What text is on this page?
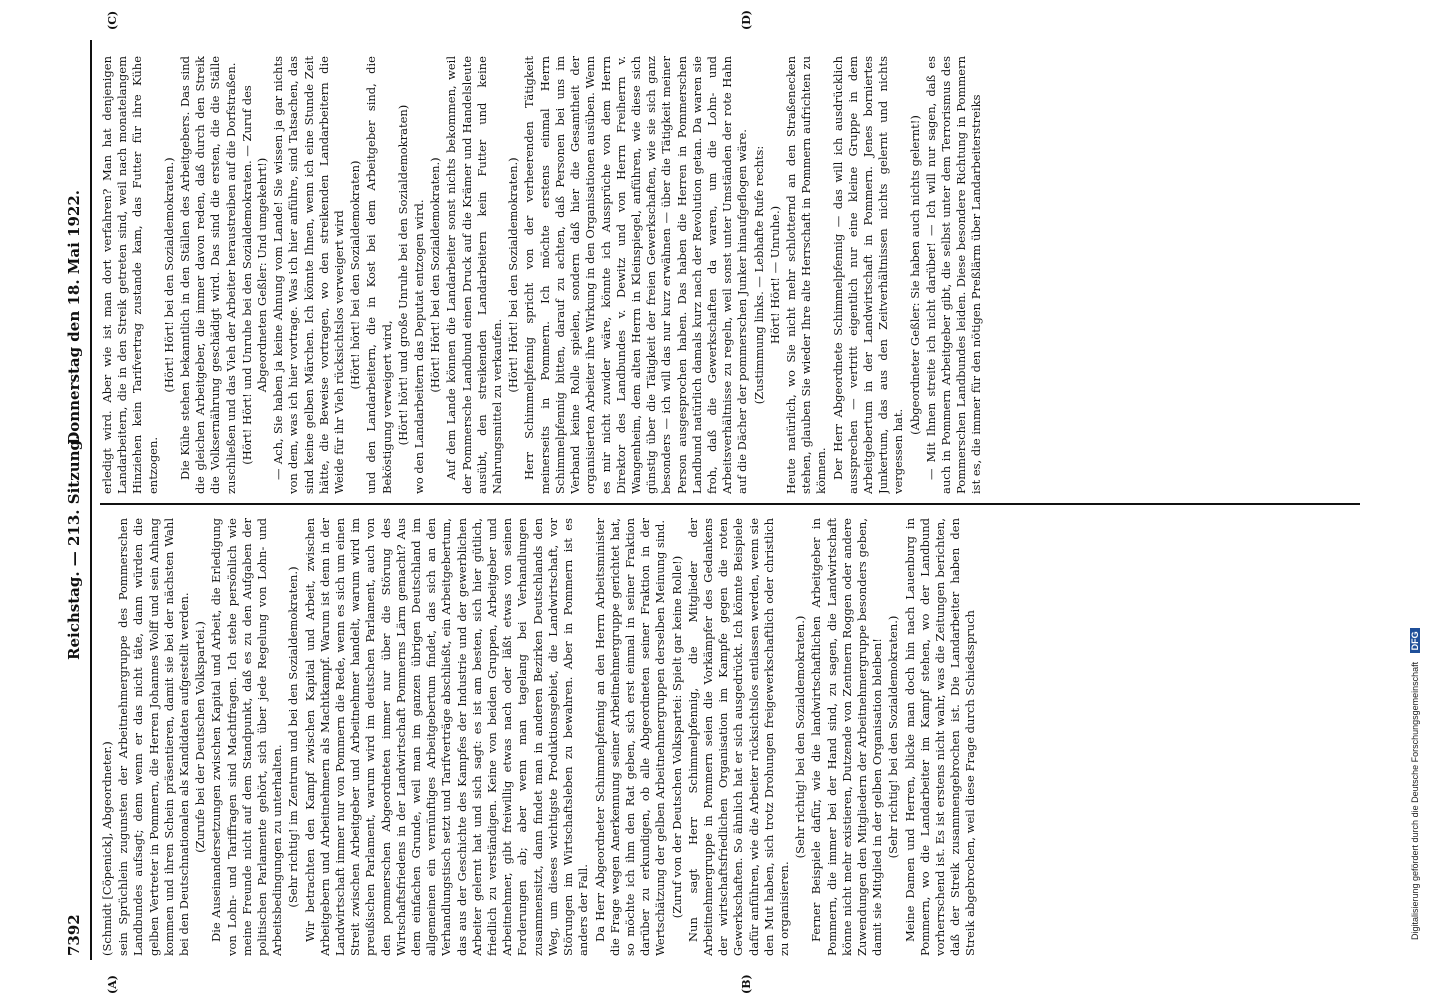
7392
Reichstag. — 213. Sitzung.
Donnerstag den 18. Mai 1922.
(A)	(B)
(C)	(D)

(Schmidt [Cöpenick], Abgeordneter.) sein Sprüchlein zugunsten der Arbeitnehmergruppe des Pommerschen Landbundes aufsagt; denn wenn er das nicht täte, dann würden die gelben Vertreter in Pommern, die Herren Johannes Wolff und sein Anhang kommen und ihren Schein präsentieren, damit sie bei der nächsten Wahl bei den Deutschnationalen als Kandidaten aufgestellt werden. (Zurufe bei der Deutschen Volkspartei.) Die Auseinandersetzungen zwischen Kapital und Arbeit, die Erledigung von Lohn- und Tariffragen sind Machtfragen. Ich stehe persönlich wie meine Freunde nicht auf dem Standpunkt, daß es zu den Aufgaben der politischen Parlamente gehört, sich über jede Regelung von Lohn- und Arbeitsbedingungen zu unterhalten. (Sehr richtig! im Zentrum und bei den Sozialdemokraten.) Wir betrachten den Kampf zwischen Kapital und Arbeit, zwischen Arbeitgebern und Arbeitnehmern als Machtkampf. Warum ist denn in der Landwirtschaft immer nur von Pommern die Rede, wenn es sich um einen Streit zwischen Arbeitgeber und Arbeitnehmer handelt, warum wird im preußischen Parlament, warum wird im deutschen Parlament, auch von den pommerschen Abgeordneten immer nur über die Störung des Wirtschaftsfriedens in der Landwirtschaft Pommerns Lärm gemacht? Aus dem einfachen Grunde, weil man im ganzen übrigen Deutschland im allgemeinen ein vernünftiges Arbeitgebertum findet, das sich an den Verhandlungstisch setzt und Tarifverträge abschließt, ein Arbeitgebertum, das aus der Geschichte des Kampfes der Industrie und der gewerblichen Arbeiter gelernt hat und sich sagt: es ist am besten, sich hier gütlich, friedlich zu verständigen. Keine von beiden Gruppen, Arbeitgeber und Arbeitnehmer, gibt freiwillig etwas nach oder läßt etwas von seinen Forderungen ab; aber wenn man tagelang bei Verhandlungen zusammensitzt, dann findet man in anderen Bezirken Deutschlands den Weg, um dieses wichtigste Produktionsgebiet, die Landwirtschaft, vor Störungen im Wirtschaftsleben zu bewahren. Aber in Pommern ist es anders der Fall. Da Herr Abgeordneter Schimmelpfennig an den Herrn Arbeitsminister die Frage wegen Anerkennung seiner Arbeitnehmergruppe gerichtet hat, so möchte ich ihm den Rat geben, sich erst einmal in seiner Fraktion darüber zu erkundigen, ob alle Abgeordneten seiner Fraktion in der Wertschätzung der gelben Arbeitnehmergruppen derselben Meinung sind. (Zuruf von der Deutschen Volkspartei: Spielt gar keine Rolle!) Nun sagt Herr Schimmelpfennig, die Mitglieder der Arbeitnehmergruppe in Pommern seien die Vorkämpfer des Gedankens der wirtschaftsfriedlichen Organisation im Kampfe gegen die roten Gewerkschaften. So ähnlich hat er sich ausgedrückt. Ich könnte Beispiele dafür anführen, wie die Arbeiter rücksichtslos entlassen werden, wenn sie den Mut haben, sich trotz Drohungen freigewerkschaftlich oder christlich zu organisieren.

(Sehr richtig! bei den Sozialdemokraten.) Ferner Beispiele dafür, wie die landwirtschaftlichen Arbeitgeber in Pommern, die immer bei der Hand sind, zu sagen, die Landwirtschaft könne nicht mehr existieren, Dutzende von Zentnern Roggen oder andere Zuwendungen den Mitgliedern der Arbeitnehmergruppe besonders geben, damit sie Mitglied in der gelben Organisation bleiben! (Sehr richtig! bei den Sozialdemokraten.) Meine Damen und Herren, blicke man doch hin nach Lauenburg in Pommern, wo die Landarbeiter im Kampf stehen, wo der Landbund vorherrschend ist. Es ist erstens nicht wahr, was die Zeitungen berichten, daß der Streik zusammengebrochen ist. Die Landarbeiter haben den Streik abgebrochen, weil diese Frage durch Schiedsspruch

erledigt wird. Aber wie ist man dort verfahren? Man hat denjenigen Landarbeitern, die in den Streik getreten sind, weil nach monatelangem Hinziehen kein Tarifvertrag zustande kam, das Futter für ihre Kühe entzogen.

(Hört! Hört! bei den Sozialdemokraten.) Die Kühe stehen bekanntlich in den Ställen des Arbeitgebers. Das sind die gleichen Arbeitgeber, die immer davon reden, daß durch den Streik die Volksernährung geschädigt wird. Das sind die ersten, die die Ställe zuschließen und das Vieh der Arbeiter heraustreiben auf die Dorfstraßen. (Hört! Hört! und Unruhe bei den Sozialdemokraten. — Zuruf des Abgeordneten Geßler: Und umgekehrt!) — Ach, Sie haben ja keine Ahnung vom Lande! Sie wissen ja gar nichts von dem, was ich hier vortrage. Was ich hier anführe, sind Tatsachen, das sind keine gelben Märchen. Ich könnte Ihnen, wenn ich eine Stunde Zeit hätte, die Beweise vortragen, wo den streikenden Landarbeitern die Weide für ihr Vieh rücksichtslos verweigert wird (Hört! hört! bei den Sozialdemokraten) und den Landarbeitern, die in Kost bei dem Arbeitgeber sind, die Beköstigung verweigert wird, (Hört! hört! und große Unruhe bei den Sozialdemokraten) wo den Landarbeitern das Deputat entzogen wird. (Hört! Hört! bei den Sozialdemokraten.) Auf dem Lande können die Landarbeiter sonst nichts bekommen, weil der Pommersche Landbund einen Druck auf die Krämer und Handelsleute ausübt, den streikenden Landarbeitern kein Futter und keine Nahrungsmittel zu verkaufen.

(Hört! Hört! bei den Sozialdemokraten.) Herr Schimmelpfennig spricht von der verheerenden Tätigkeit meinerseits in Pommern. Ich möchte erstens einmal Herrn Schimmelpfennig bitten, darauf zu achten, daß Personen bei uns im Verband keine Rolle spielen, sondern daß hier die Gesamtheit der organisierten Arbeiter ihre Wirkung in den Organisationen ausüben. Wenn es mir nicht zuwider wäre, könnte ich Aussprüche von dem Herrn Direktor des Landbundes v. Dewitz und von Herrn Freiherrn v. Wangenheim, dem alten Herrn in Kleinspiegel, anführen, wie diese sich günstig über die Tätigkeit der freien Gewerkschaften, wie sie sich ganz besonders — ich will das nur kurz erwähnen — über die Tätigkeit meiner Person ausgesprochen haben. Das haben die Herren in Pommerschen Landbund natürlich damals kurz nach der Revolution getan. Da waren sie froh, daß die Gewerkschaften da waren, um die Lohn- und Arbeitsverhältnisse zu regeln, weil sonst unter Umständen der rote Hahn auf die Dächer der pommerschen Junker hinaufgeflogen wäre. (Zustimmung links. — Lebhafte Rufe rechts: Hört! Hört! — Unruhe.) Heute natürlich, wo Sie nicht mehr schlotternd an den Straßenecken stehen, glauben Sie wieder Ihre alte Herrschaft in Pommern aufrichten zu können. Der Herr Abgeordnete Schimmelpfennig — das will ich ausdrücklich aussprechen — vertritt eigentlich nur eine kleine Gruppe in dem Arbeitgebertum in der Landwirtschaft in Pommern. Jenes borniertes Junkertum, das aus den Zeitverhältnissen nichts gelernt und nichts vergessen hat.

(Abgeordneter Geßler: Sie haben auch nichts gelernt!) — Mit Ihnen streite ich nicht darüber! — Ich will nur sagen, daß es auch in Pommern Arbeitgeber gibt, die selbst unter dem Terrorismus des Pommerschen Landbundes leiden. Diese besondere Richtung in Pommern ist es, die immer für den nötigen Preßlärm über Landarbeiterstreiks

Digitalisierung gefördert durch die Deutsche Forschungsgemeinschaft DFG
